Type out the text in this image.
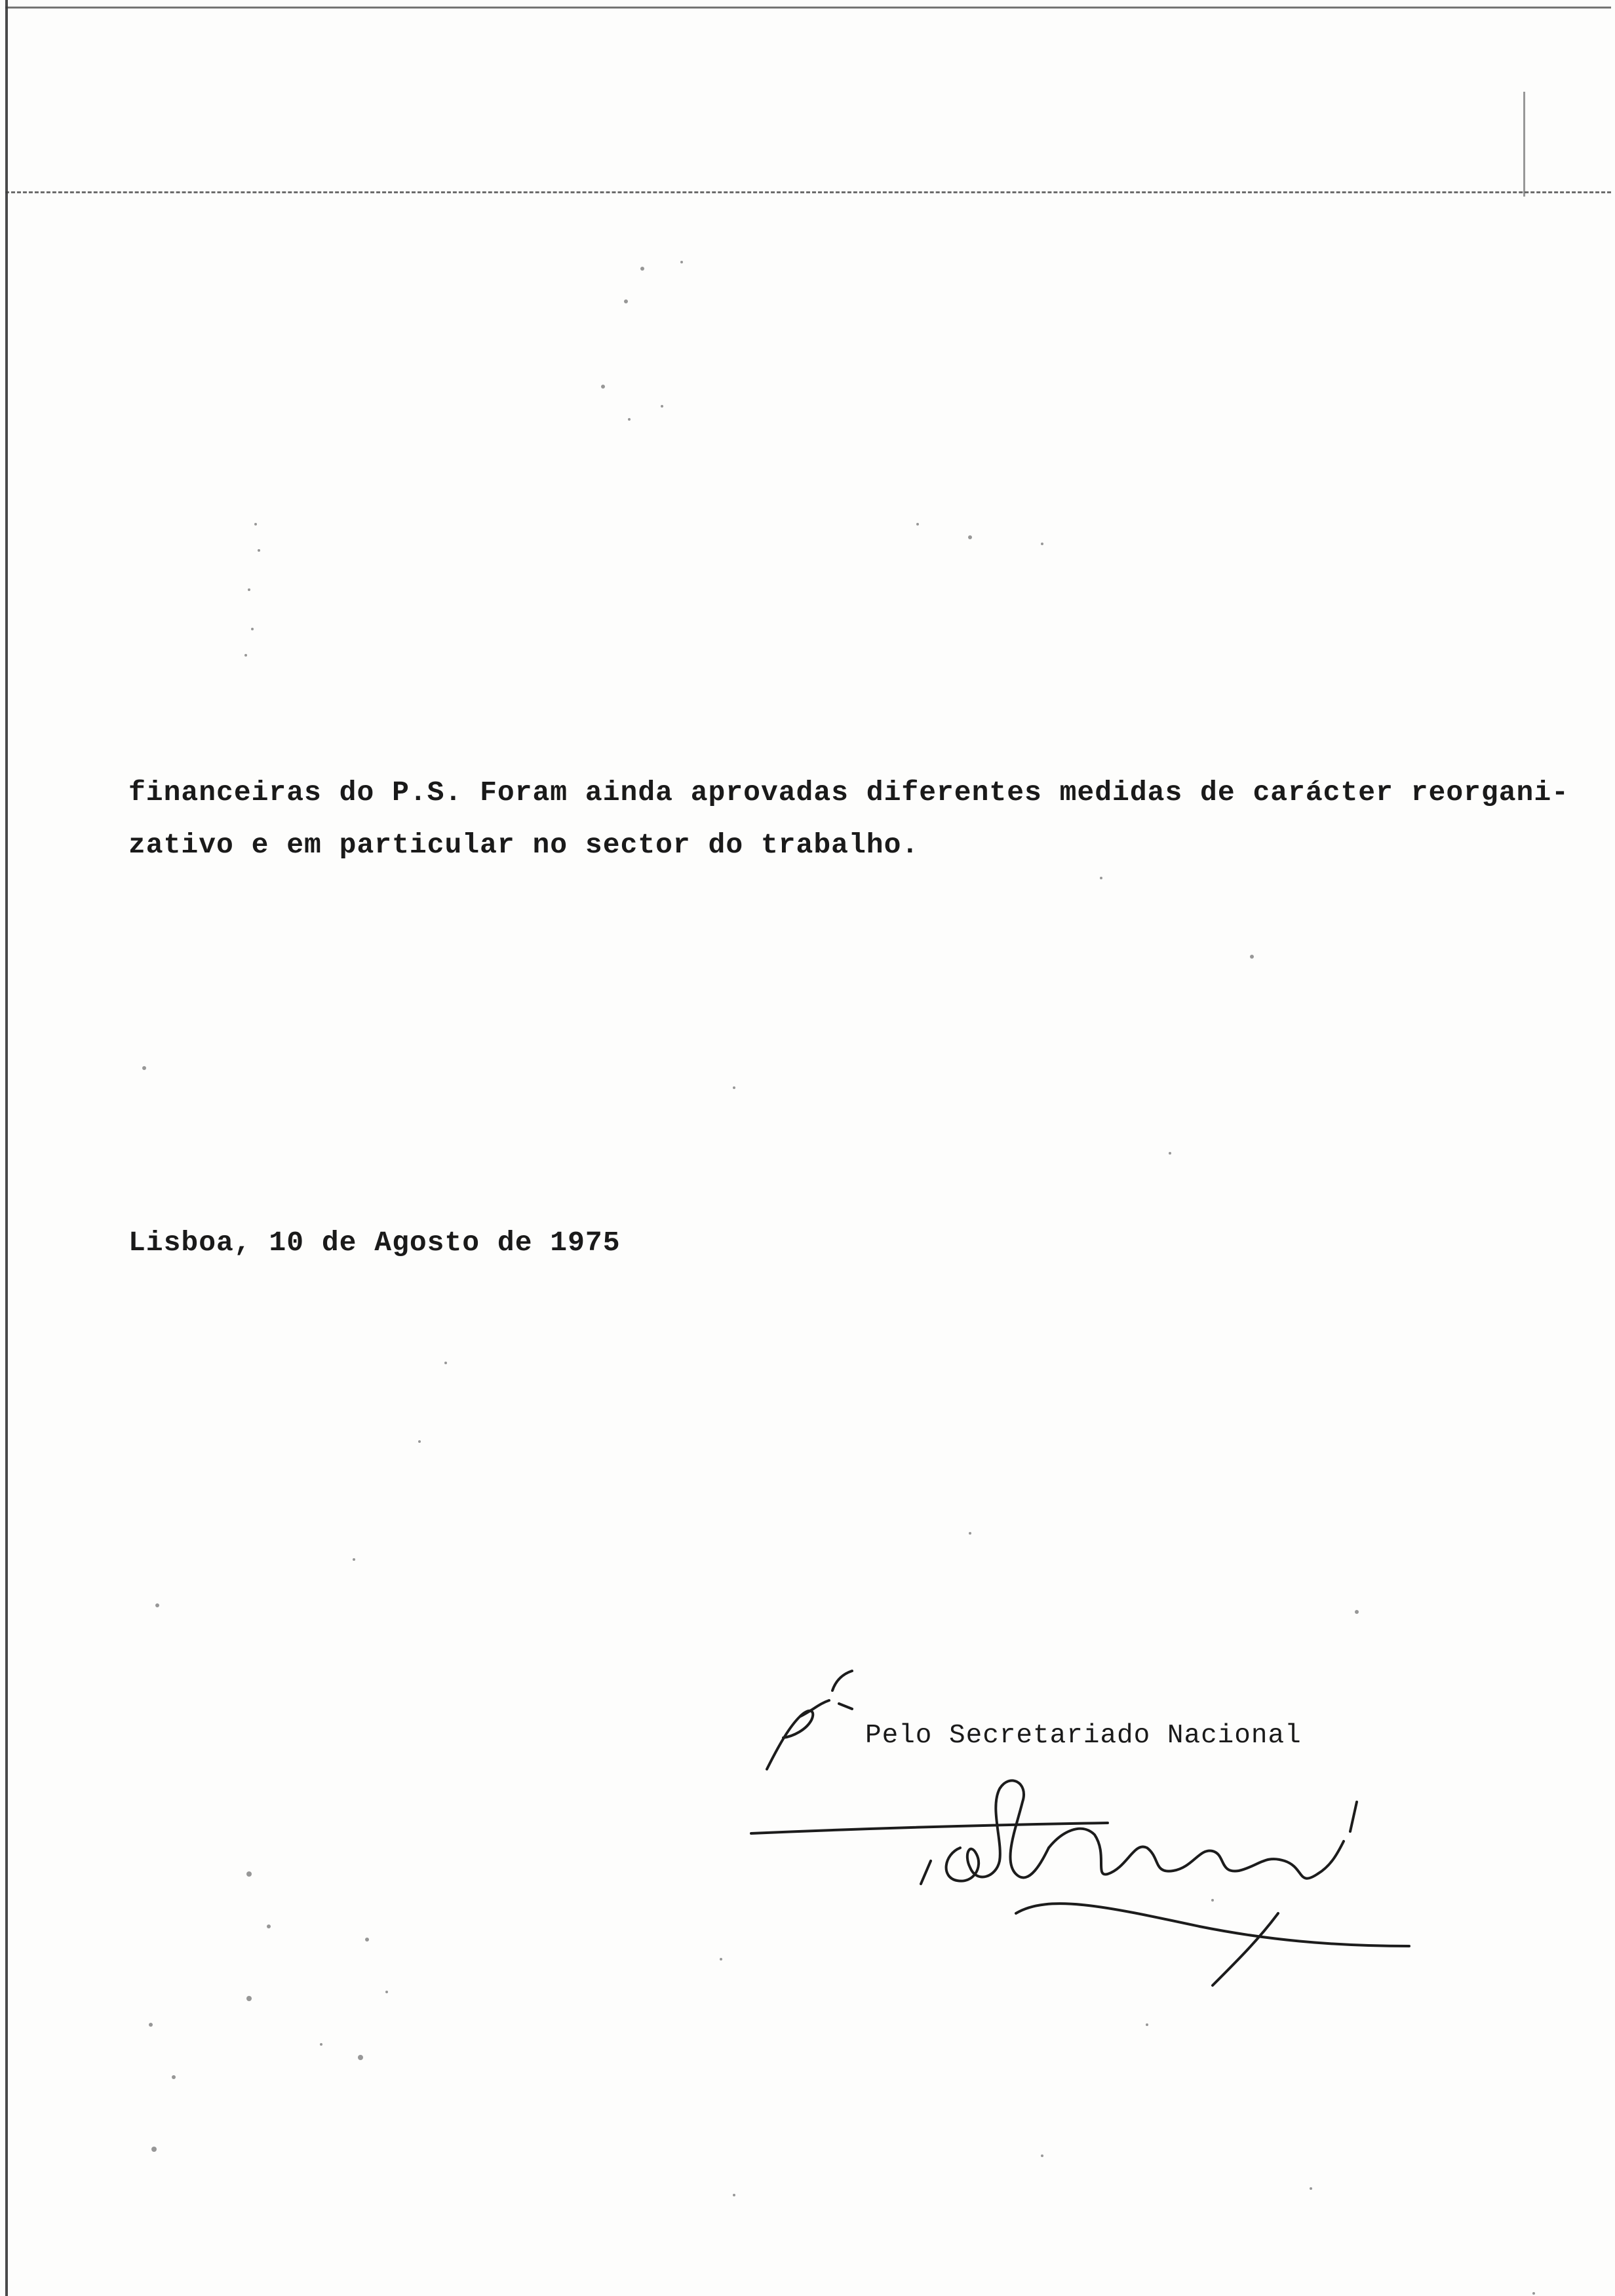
financeiras do P.S. Foram ainda aprovadas diferentes medidas de carácter reorgani-
zativo e em particular no sector do trabalho.
Lisboa, 10 de Agosto de 1975
Pelo Secretariado Nacional
